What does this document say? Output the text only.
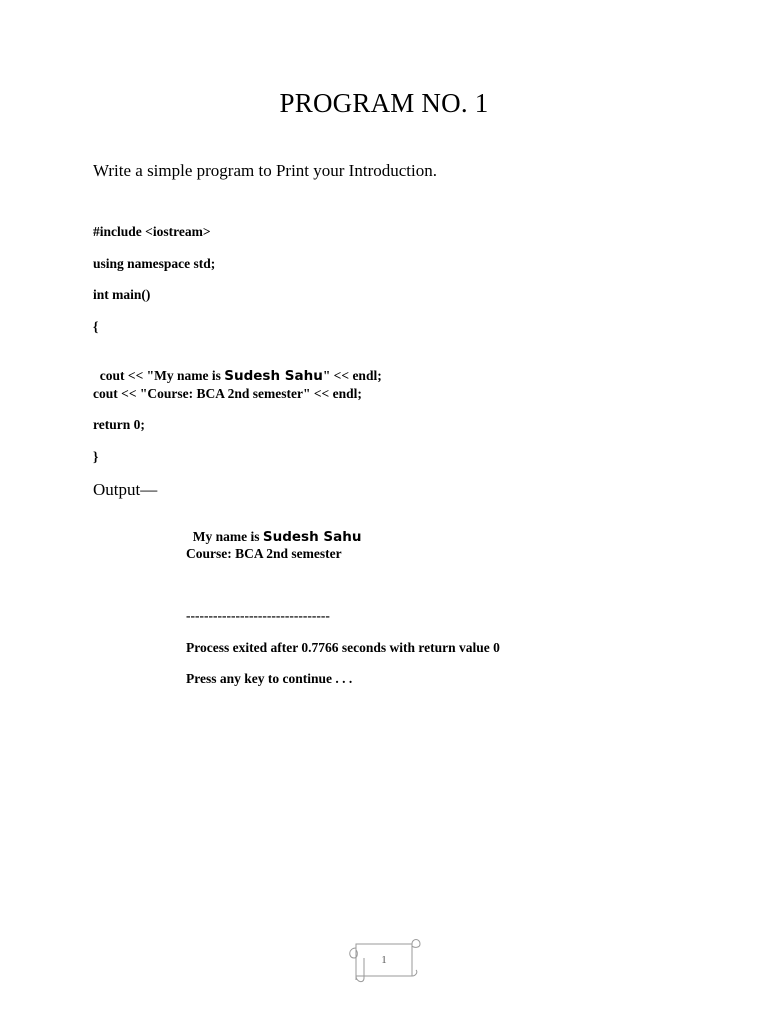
PROGRAM NO. 1
Write a simple program to Print your Introduction.
#include <iostream>
using namespace std;
int main()
{

cout << "My name is Sudesh Sahu" << endl;

cout << "Course: BCA 2nd semester" << endl;
return 0;
}
Output—

My name is Sudesh Sahu

Course: BCA 2nd semester
--------------------------------
Process exited after 0.7766 seconds with return value 0
Press any key to continue . . .
1
